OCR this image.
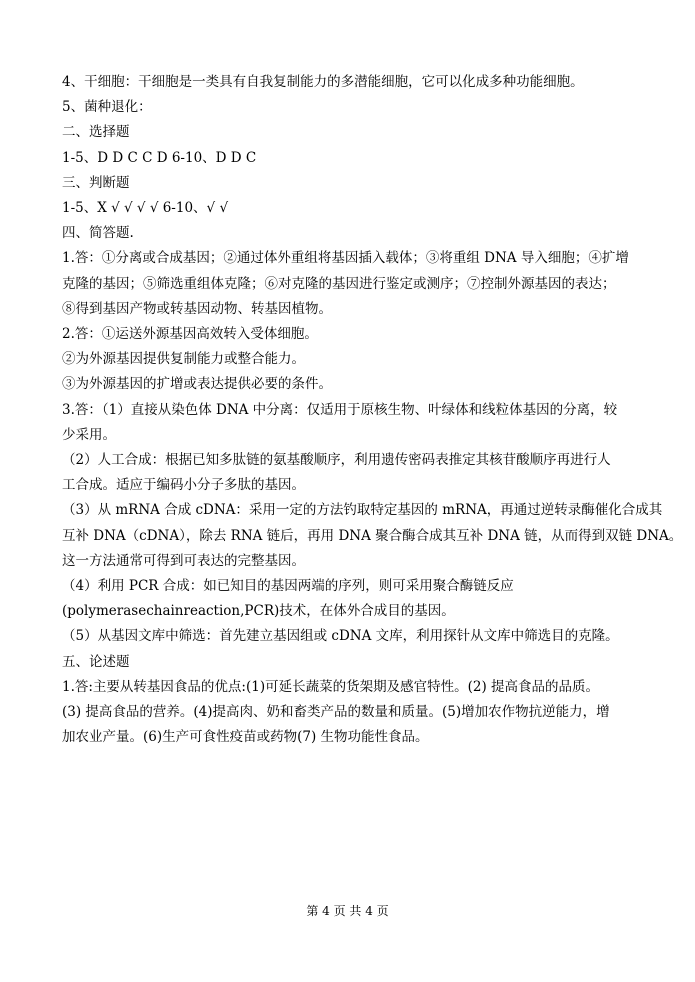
4、干细胞：干细胞是一类具有自我复制能力的多潜能细胞，它可以化成多种功能细胞。
5、菌种退化：
二、选择题
1-5、D D C C D 6-10、D D C
三、判断题
1-5、X √ √ √ √ 6-10、√ √
四、简答题.
1.答：①分离或合成基因；②通过体外重组将基因插入载体；③将重组 DNA 导入细胞；④扩增
克隆的基因；⑤筛选重组体克隆；⑥对克隆的基因进行鉴定或测序；⑦控制外源基因的表达；
⑧得到基因产物或转基因动物、转基因植物。
2.答：①运送外源基因高效转入受体细胞。
②为外源基因提供复制能力或整合能力。
③为外源基因的扩增或表达提供必要的条件。
3.答：（1）直接从染色体 DNA 中分离：仅适用于原核生物、叶绿体和线粒体基因的分离，较
少采用。
（2）人工合成：根据已知多肽链的氨基酸顺序，利用遗传密码表推定其核苷酸顺序再进行人
工合成。适应于编码小分子多肽的基因。
（3）从 mRNA 合成 cDNA：采用一定的方法钓取特定基因的 mRNA，再通过逆转录酶催化合成其
互补 DNA（cDNA），除去 RNA 链后，再用 DNA 聚合酶合成其互补 DNA 链，从而得到双链 DNA。
这一方法通常可得到可表达的完整基因。
（4）利用 PCR 合成：如已知目的基因两端的序列，则可采用聚合酶链反应
(polymerasechainreaction,PCR)技术，在体外合成目的基因。
（5）从基因文库中筛选：首先建立基因组或 cDNA 文库，利用探针从文库中筛选目的克隆。
五、论述题
1.答:主要从转基因食品的优点:(1)可延长蔬菜的货架期及感官特性。(2) 提高食品的品质。
(3) 提高食品的营养。(4)提高肉、奶和畜类产品的数量和质量。(5)增加农作物抗逆能力，增
加农业产量。(6)生产可食性疫苗或药物(7) 生物功能性食品。
第 4 页 共 4 页
